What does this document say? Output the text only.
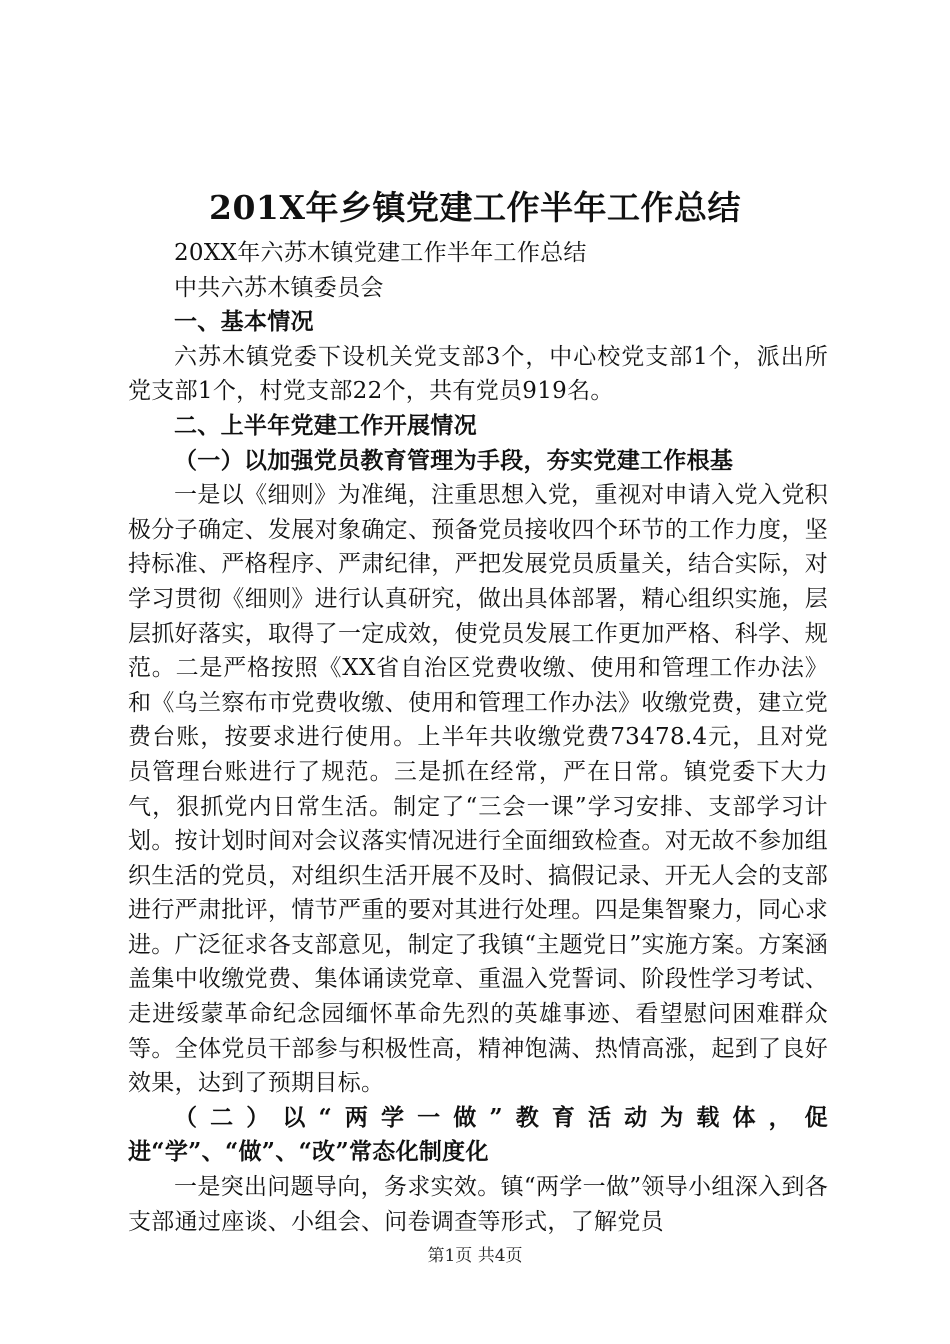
201X年乡镇党建工作半年工作总结

20XX年六苏木镇党建工作半年工作总结

中共六苏木镇委员会

一、基本情况

六苏木镇党委下设机关党支部3个，中心校党支部1个，派出所党支部1个，村党支部22个，共有党员919名。

二、上半年党建工作开展情况

（一）以加强党员教育管理为手段，夯实党建工作根基

一是以《细则》为准绳，注重思想入党，重视对申请入党入党积极分子确定、发展对象确定、预备党员接收四个环节的工作力度，坚持标准、严格程序、严肃纪律，严把发展党员质量关，结合实际，对学习贯彻《细则》进行认真研究，做出具体部署，精心组织实施，层层抓好落实，取得了一定成效，使党员发展工作更加严格、科学、规范。二是严格按照《XX省自治区党费收缴、使用和管理工作办法》和《乌兰察布市党费收缴、使用和管理工作办法》收缴党费，建立党费台账，按要求进行使用。上半年共收缴党费73478.4元，且对党员管理台账进行了规范。三是抓在经常，严在日常。镇党委下大力气，狠抓党内日常生活。制定了“三会一课”学习安排、支部学习计划。按计划时间对会议落实情况进行全面细致检查。对无故不参加组织生活的党员，对组织生活开展不及时、搞假记录、开无人会的支部进行严肃批评，情节严重的要对其进行处理。四是集智聚力，同心求进。广泛征求各支部意见，制定了我镇“主题党日”实施方案。方案涵盖集中收缴党费、集体诵读党章、重温入党誓词、阶段性学习考试、走进绥蒙革命纪念园缅怀革命先烈的英雄事迹、看望慰问困难群众等。全体党员干部参与积极性高，精神饱满、热情高涨，起到了良好效果，达到了预期目标。

（二）以“两学一做”教育活动为载体，促进“学”、“做”、“改”常态化制度化

一是突出问题导向，务求实效。镇“两学一做”领导小组深入到各支部通过座谈、小组会、问卷调查等形式，了解党员

第1页 共4页
